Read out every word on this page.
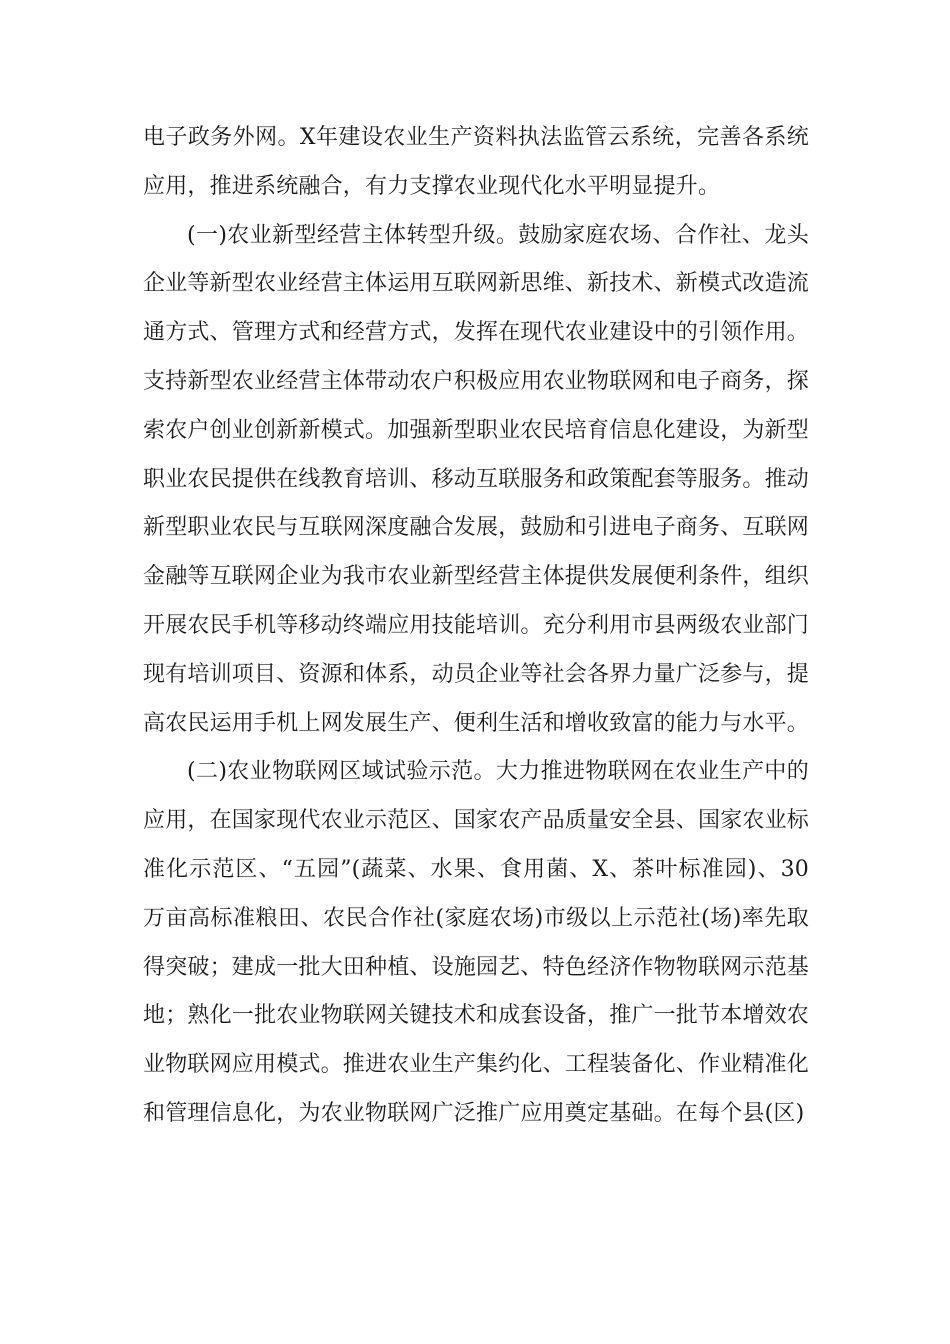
电子政务外网。X年建设农业生产资料执法监管云系统，完善各系统
应用，推进系统融合，有力支撑农业现代化水平明显提升。
(一)农业新型经营主体转型升级。鼓励家庭农场、合作社、龙头
企业等新型农业经营主体运用互联网新思维、新技术、新模式改造流
通方式、管理方式和经营方式，发挥在现代农业建设中的引领作用。
支持新型农业经营主体带动农户积极应用农业物联网和电子商务，探
索农户创业创新新模式。加强新型职业农民培育信息化建设，为新型
职业农民提供在线教育培训、移动互联服务和政策配套等服务。推动
新型职业农民与互联网深度融合发展，鼓励和引进电子商务、互联网
金融等互联网企业为我市农业新型经营主体提供发展便利条件，组织
开展农民手机等移动终端应用技能培训。充分利用市县两级农业部门
现有培训项目、资源和体系，动员企业等社会各界力量广泛参与，提
高农民运用手机上网发展生产、便利生活和增收致富的能力与水平。
(二)农业物联网区域试验示范。大力推进物联网在农业生产中的
应用，在国家现代农业示范区、国家农产品质量安全县、国家农业标
准化示范区、“五园”(蔬菜、水果、食用菌、X、茶叶标准园)、30
万亩高标准粮田、农民合作社(家庭农场)市级以上示范社(场)率先取
得突破；建成一批大田种植、设施园艺、特色经济作物物联网示范基
地；熟化一批农业物联网关键技术和成套设备，推广一批节本增效农
业物联网应用模式。推进农业生产集约化、工程装备化、作业精准化
和管理信息化，为农业物联网广泛推广应用奠定基础。在每个县(区)
